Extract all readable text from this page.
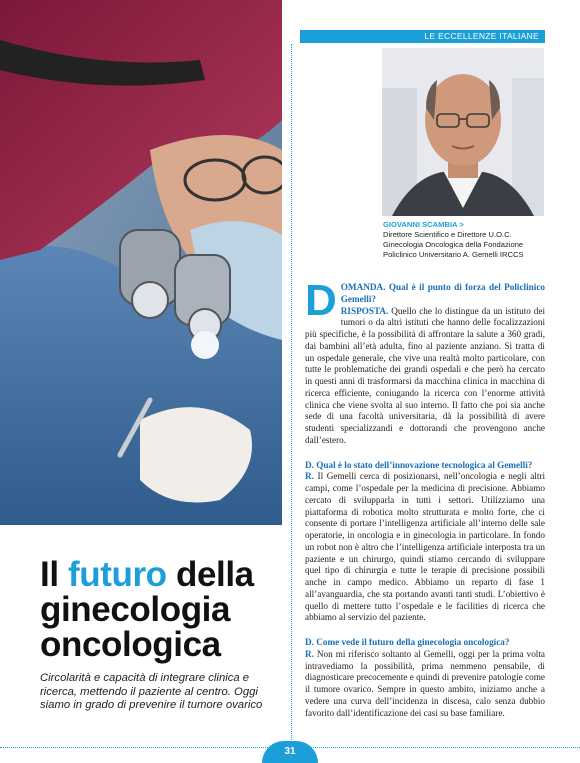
Il futuro della ginecologia oncologica
Circolarità e capacità di integrare clinica e ricerca, mettendo il paziente al centro. Oggi siamo in grado di prevenire il tumore ovarico
LE ECCELLENZE ITALIANE
GIOVANNI SCAMBIA >
Direttore Scientifico e Direttore U.O.C. Ginecologia Oncologica della Fondazione Policlinico Universitario A. Gemelli IRCCS

DOMANDA. Qual è il punto di forza del Policlinico Gemelli?

RISPOSTA. Quello che lo distingue da un istituto dei tumori o da altri istituti che hanno delle focalizzazioni più specifiche, è la possibilità di affrontare la salute a 360 gradi, dai bambini all’età adulta, fino al paziente anziano. Si tratta di un ospedale generale, che vive una realtà molto particolare, con tutte le problematiche dei grandi ospedali e che però ha cercato in questi anni di trasformarsi da macchina clinica in macchina di ricerca efficiente, coniugando la ricerca con l’enorme attività clinica che viene svolta al suo interno. Il fatto che poi sia anche sede di una facoltà universitaria, dà la possibilità di avere studenti specializzandi e dottorandi che provengono anche dall’estero.

D. Qual è lo stato dell’innovazione tecnologica al Gemelli?

R. Il Gemelli cerca di posizionarsi, nell’oncologia e negli altri campi, come l’ospedale per la medicina di precisione. Abbiamo cercato di svilupparla in tutti i settori. Utilizziamo una piattaforma di robotica molto strutturata e molto forte, che ci consente di portare l’intelligenza artificiale all’interno delle sale operatorie, in oncologia e in ginecologia in particolare. In fondo un robot non è altro che l’intelligenza artificiale interposta tra un paziente e un chirurgo, quindi stiamo cercando di sviluppare quel tipo di chirurgia e tutte le terapie di precisione possibili anche in campo medico. Abbiamo un reparto di fase 1 all’avanguardia, che sta portando avanti tanti studi. L’obiettivo è quello di mettere tutto l’ospedale e le facilities di ricerca che abbiamo al servizio del paziente.

D. Come vede il futuro della ginecologia oncologica?

R. Non mi riferisco soltanto al Gemelli, oggi per la prima volta intravediamo la possibilità, prima nemmeno pensabile, di diagnosticare precocemente e quindi di prevenire patologie come il tumore ovarico. Sempre in questo ambito, iniziamo anche a vedere una curva dell’incidenza in discesa, calo senza dubbio favorito dall’identificazione dei casi su base familiare.

31
